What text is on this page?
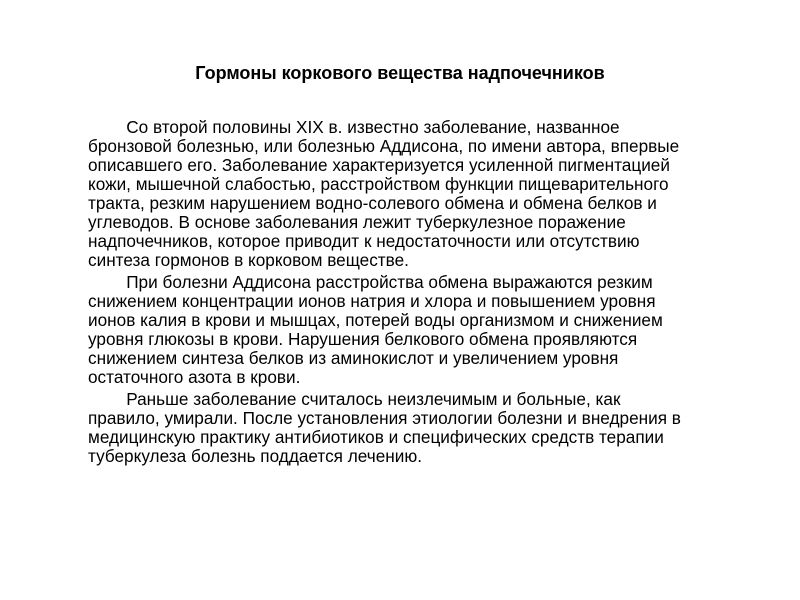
Гормоны коркового вещества надпочечников
Со второй половины XIX в. известно заболевание, названное
бронзовой болезнью, или болезнью Аддисона, по имени автора, впервые
описавшего его. Заболевание характеризуется усиленной пигментацией
кожи, мышечной слабостью, расстройством функции пищеварительного
тракта, резким нарушением водно-солевого обмена и обмена белков и
углеводов. В основе заболевания лежит туберкулезное поражение
надпочечников, которое приводит к недостаточности или отсутствию
синтеза гормонов в корковом веществе.
При болезни Аддисона расстройства обмена выражаются резким
снижением концентрации ионов натрия и хлора и повышением уровня
ионов калия в крови и мышцах, потерей воды организмом и снижением
уровня глюкозы в крови. Нарушения белкового обмена проявляются
снижением синтеза белков из аминокислот и увеличением уровня
остаточного азота в крови.
Раньше заболевание считалось неизлечимым и больные, как
правило, умирали. После установления этиологии болезни и внедрения в
медицинскую практику антибиотиков и специфических средств терапии
туберкулеза болезнь поддается лечению.
